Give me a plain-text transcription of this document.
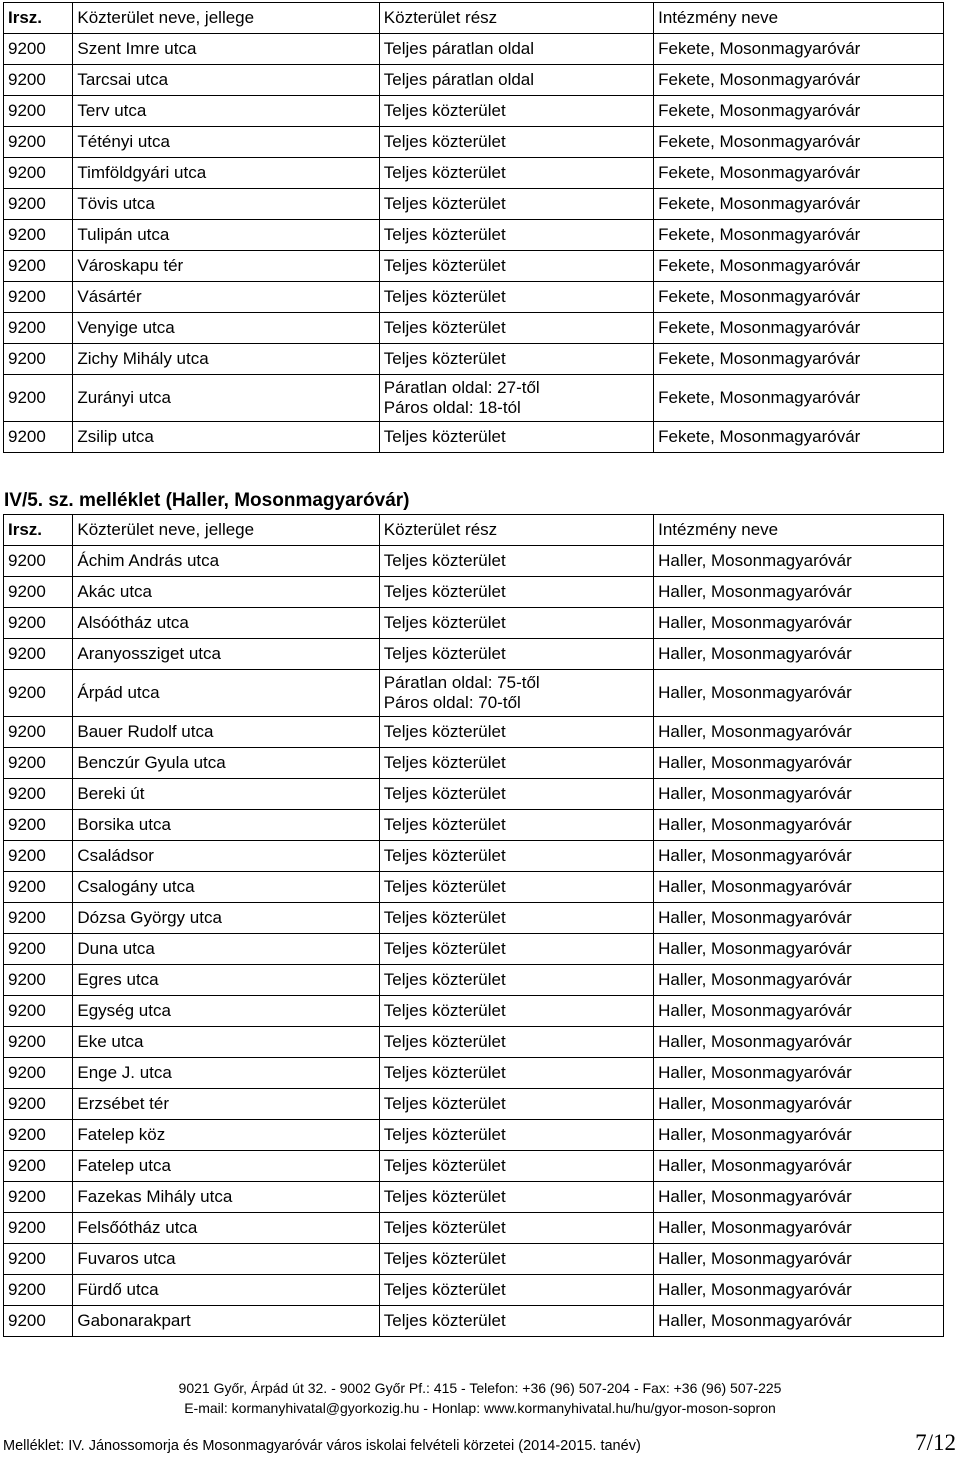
Irsz.	Közterület neve, jellege	Közterület rész	Intézmény neve
9200	Szent Imre utca	Teljes páratlan oldal	Fekete, Mosonmagyaróvár
9200	Tarcsai utca	Teljes páratlan oldal	Fekete, Mosonmagyaróvár
9200	Terv utca	Teljes közterület	Fekete, Mosonmagyaróvár
9200	Tétényi utca	Teljes közterület	Fekete, Mosonmagyaróvár
9200	Timföldgyári utca	Teljes közterület	Fekete, Mosonmagyaróvár
9200	Tövis utca	Teljes közterület	Fekete, Mosonmagyaróvár
9200	Tulipán utca	Teljes közterület	Fekete, Mosonmagyaróvár
9200	Városkapu tér	Teljes közterület	Fekete, Mosonmagyaróvár
9200	Vásártér	Teljes közterület	Fekete, Mosonmagyaróvár
9200	Venyige utca	Teljes közterület	Fekete, Mosonmagyaróvár
9200	Zichy Mihály utca	Teljes közterület	Fekete, Mosonmagyaróvár
9200	Zurányi utca	Páratlan oldal: 27-től
Páros oldal: 18-tól	Fekete, Mosonmagyaróvár
9200	Zsilip utca	Teljes közterület	Fekete, Mosonmagyaróvár
IV/5. sz. melléklet (Haller, Mosonmagyaróvár)
Irsz.	Közterület neve, jellege	Közterület rész	Intézmény neve
9200	Áchim András utca	Teljes közterület	Haller, Mosonmagyaróvár
9200	Akác utca	Teljes közterület	Haller, Mosonmagyaróvár
9200	Alsóótház utca	Teljes közterület	Haller, Mosonmagyaróvár
9200	Aranyossziget utca	Teljes közterület	Haller, Mosonmagyaróvár
9200	Árpád utca	Páratlan oldal: 75-től
Páros oldal: 70-től	Haller, Mosonmagyaróvár
9200	Bauer Rudolf utca	Teljes közterület	Haller, Mosonmagyaróvár
9200	Benczúr Gyula utca	Teljes közterület	Haller, Mosonmagyaróvár
9200	Bereki út	Teljes közterület	Haller, Mosonmagyaróvár
9200	Borsika utca	Teljes közterület	Haller, Mosonmagyaróvár
9200	Családsor	Teljes közterület	Haller, Mosonmagyaróvár
9200	Csalogány utca	Teljes közterület	Haller, Mosonmagyaróvár
9200	Dózsa György utca	Teljes közterület	Haller, Mosonmagyaróvár
9200	Duna utca	Teljes közterület	Haller, Mosonmagyaróvár
9200	Egres utca	Teljes közterület	Haller, Mosonmagyaróvár
9200	Egység utca	Teljes közterület	Haller, Mosonmagyaróvár
9200	Eke utca	Teljes közterület	Haller, Mosonmagyaróvár
9200	Enge J. utca	Teljes közterület	Haller, Mosonmagyaróvár
9200	Erzsébet tér	Teljes közterület	Haller, Mosonmagyaróvár
9200	Fatelep köz	Teljes közterület	Haller, Mosonmagyaróvár
9200	Fatelep utca	Teljes közterület	Haller, Mosonmagyaróvár
9200	Fazekas Mihály utca	Teljes közterület	Haller, Mosonmagyaróvár
9200	Felsőótház utca	Teljes közterület	Haller, Mosonmagyaróvár
9200	Fuvaros utca	Teljes közterület	Haller, Mosonmagyaróvár
9200	Fürdő utca	Teljes közterület	Haller, Mosonmagyaróvár
9200	Gabonarakpart	Teljes közterület	Haller, Mosonmagyaróvár
9021 Győr, Árpád út 32. - 9002 Győr Pf.: 415 - Telefon: +36 (96) 507-204 - Fax: +36 (96) 507-225
E-mail: kormanyhivatal@gyorkozig.hu - Honlap: www.kormanyhivatal.hu/hu/gyor-moson-sopron
Melléklet: IV. Jánossomorja és Mosonmagyaróvár város iskolai felvételi körzetei (2014-2015. tanév)	7/12
